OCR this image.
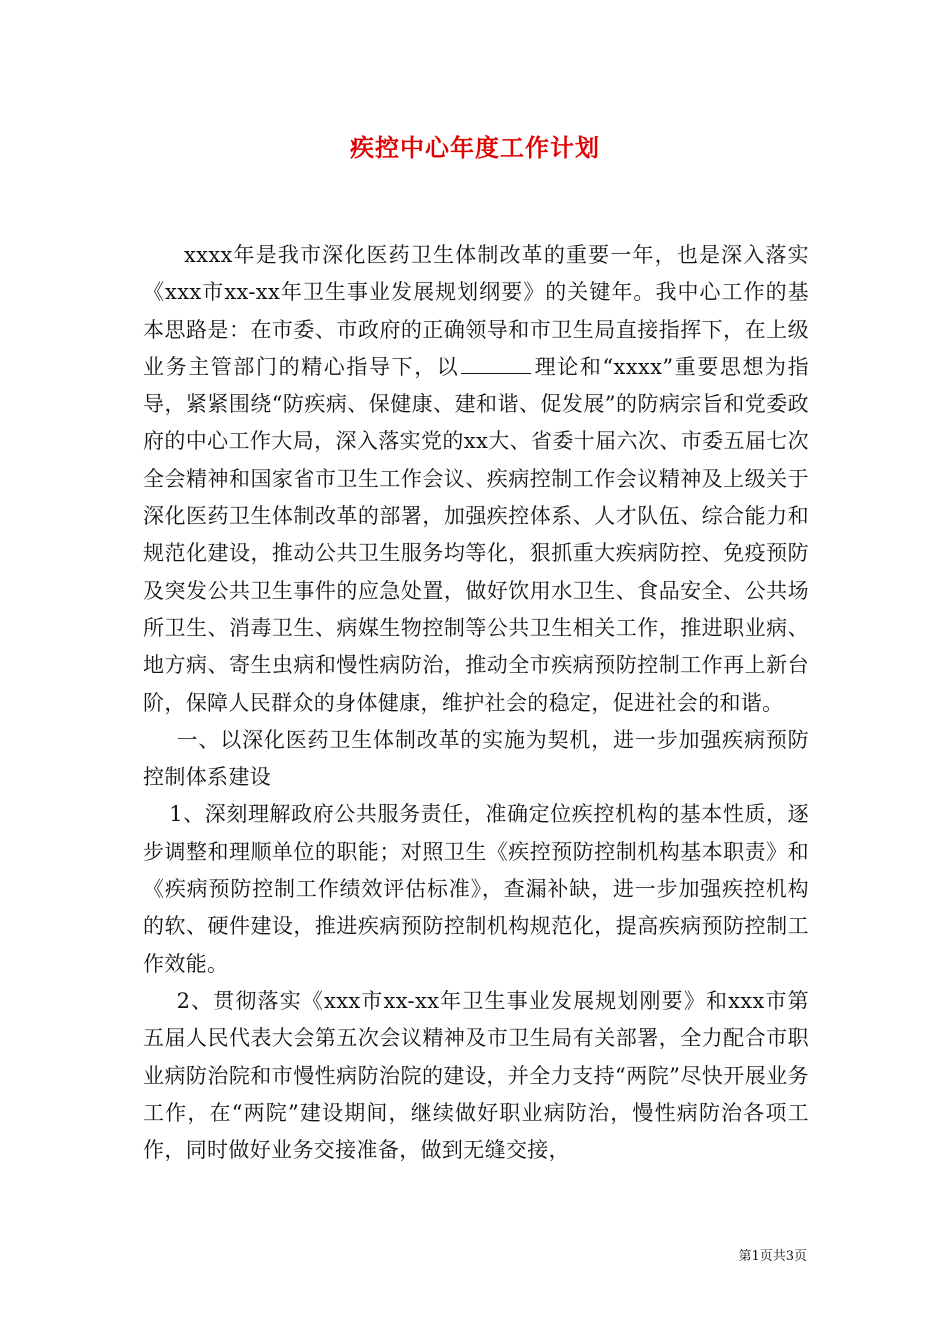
疾控中心年度工作计划

xxxx年是我市深化医药卫生体制改革的重要一年，也是深入落实《xxx市xx-xx年卫生事业发展规划纲要》的关键年。我中心工作的基本思路是：在市委、市政府的正确领导和市卫生局直接指挥下，在上级业务主管部门的精心指导下，以	理论和“xxxx”重要思想为指导，紧紧围绕“防疾病、保健康、建和谐、促发展”的防病宗旨和党委政府的中心工作大局，深入落实党的xx大、省委十届六次、市委五届七次全会精神和国家省市卫生工作会议、疾病控制工作会议精神及上级关于深化医药卫生体制改革的部署，加强疾控体系、人才队伍、综合能力和规范化建设，推动公共卫生服务均等化，狠抓重大疾病防控、免疫预防及突发公共卫生事件的应急处置，做好饮用水卫生、食品安全、公共场所卫生、消毒卫生、病媒生物控制等公共卫生相关工作，推进职业病、地方病、寄生虫病和慢性病防治，推动全市疾病预防控制工作再上新台阶，保障人民群众的身体健康，维护社会的稳定，促进社会的和谐。

一、以深化医药卫生体制改革的实施为契机，进一步加强疾病预防控制体系建设

1、深刻理解政府公共服务责任，准确定位疾控机构的基本性质，逐步调整和理顺单位的职能；对照卫生《疾控预防控制机构基本职责》和《疾病预防控制工作绩效评估标准》，查漏补缺，进一步加强疾控机构的软、硬件建设，推进疾病预防控制机构规范化，提高疾病预防控制工作效能。

2、贯彻落实《xxx市xx-xx年卫生事业发展规划刚要》和xxx市第五届人民代表大会第五次会议精神及市卫生局有关部署，全力配合市职业病防治院和市慢性病防治院的建设，并全力支持“两院”尽快开展业务工作，在“两院”建设期间，继续做好职业病防治，慢性病防治各项工作，同时做好业务交接准备，做到无缝交接，

第1页共3页
